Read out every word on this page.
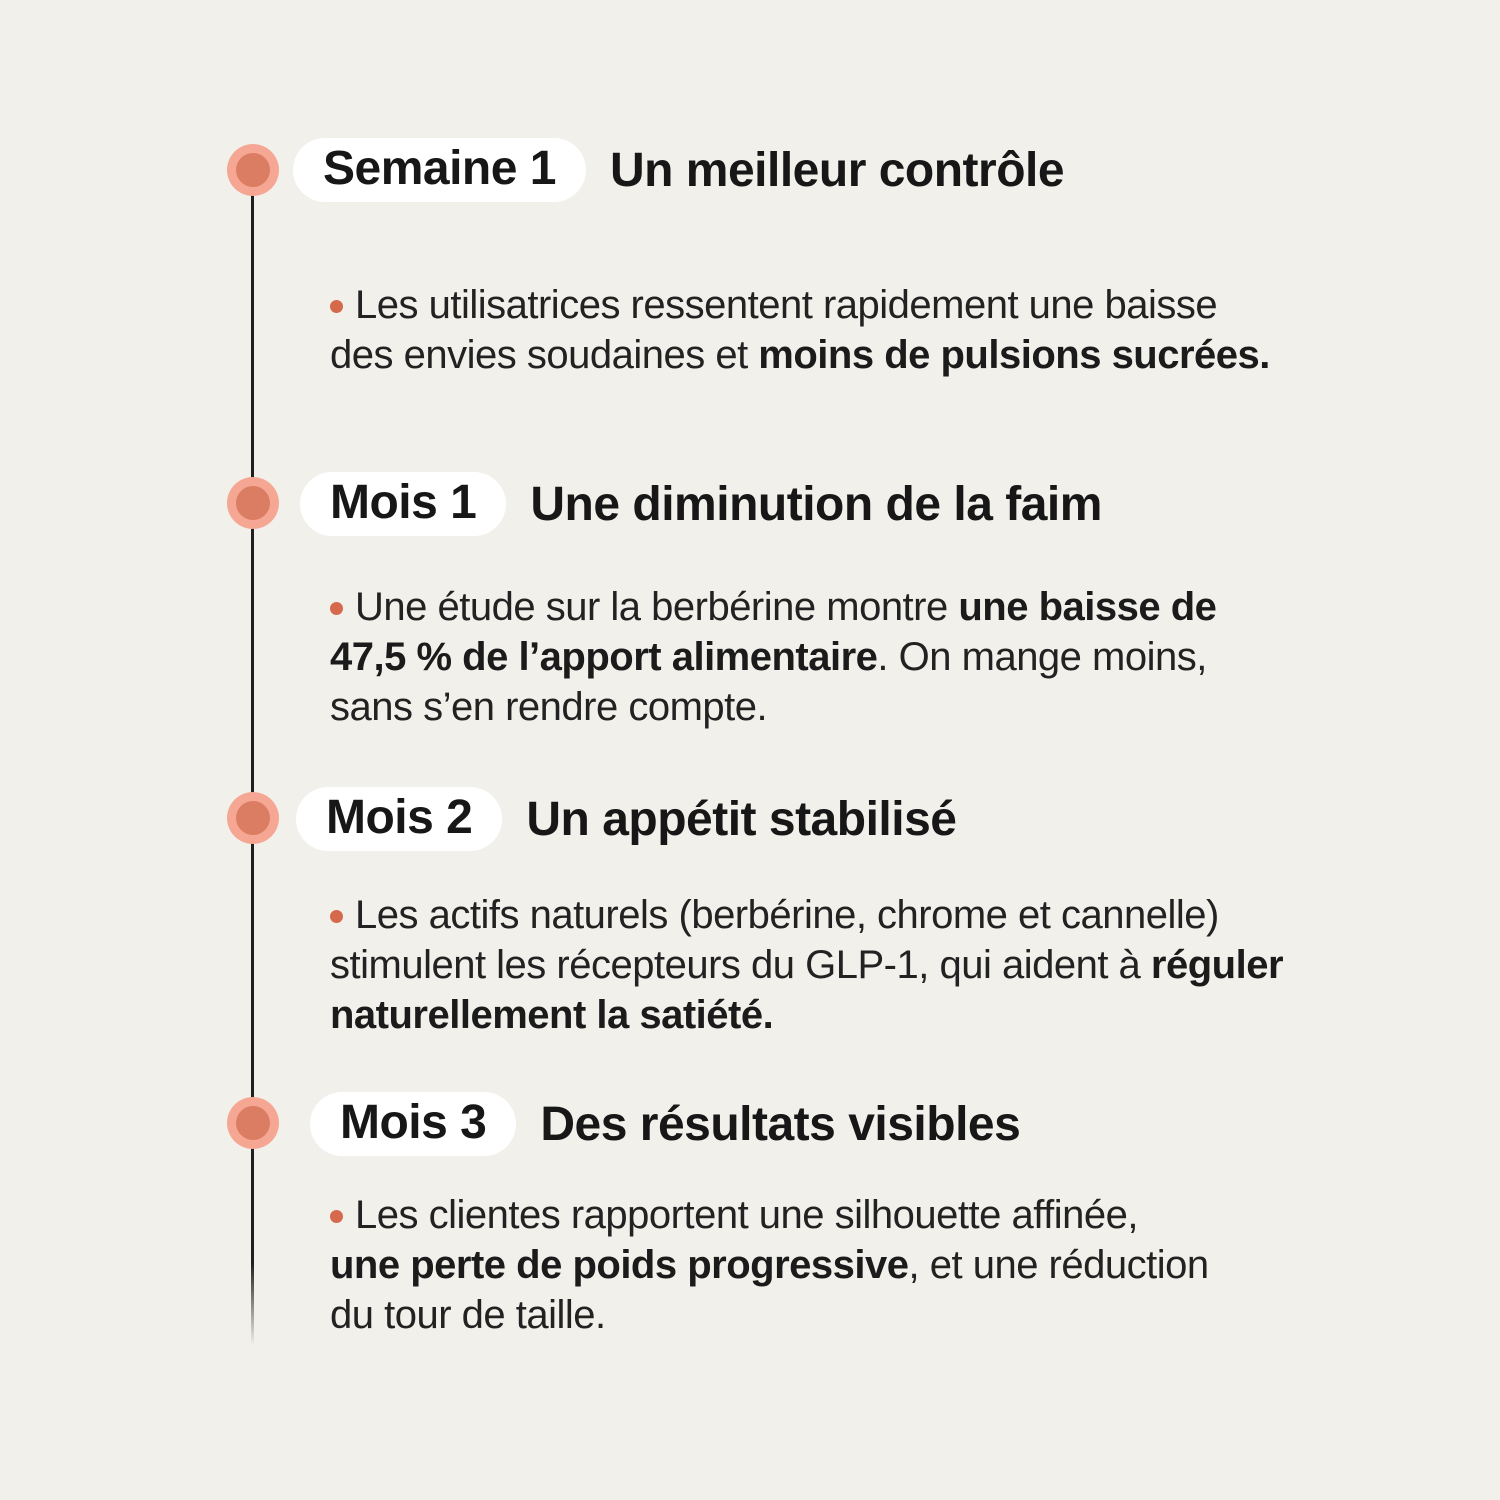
Semaine 1	Un meilleur contrôle

Les utilisatrices ressentent rapidement une baisse
des envies soudaines et moins de pulsions sucrées.

Mois 1	Une diminution de la faim

Une étude sur la berbérine montre une baisse de
47,5 % de l’apport alimentaire. On mange moins,
sans s’en rendre compte.

Mois 2	Un appétit stabilisé

Les actifs naturels (berbérine, chrome et cannelle)
stimulent les récepteurs du GLP-1, qui aident à réguler
naturellement la satiété.

Mois 3	Des résultats visibles

Les clientes rapportent une silhouette affinée,
une perte de poids progressive, et une réduction
du tour de taille.
